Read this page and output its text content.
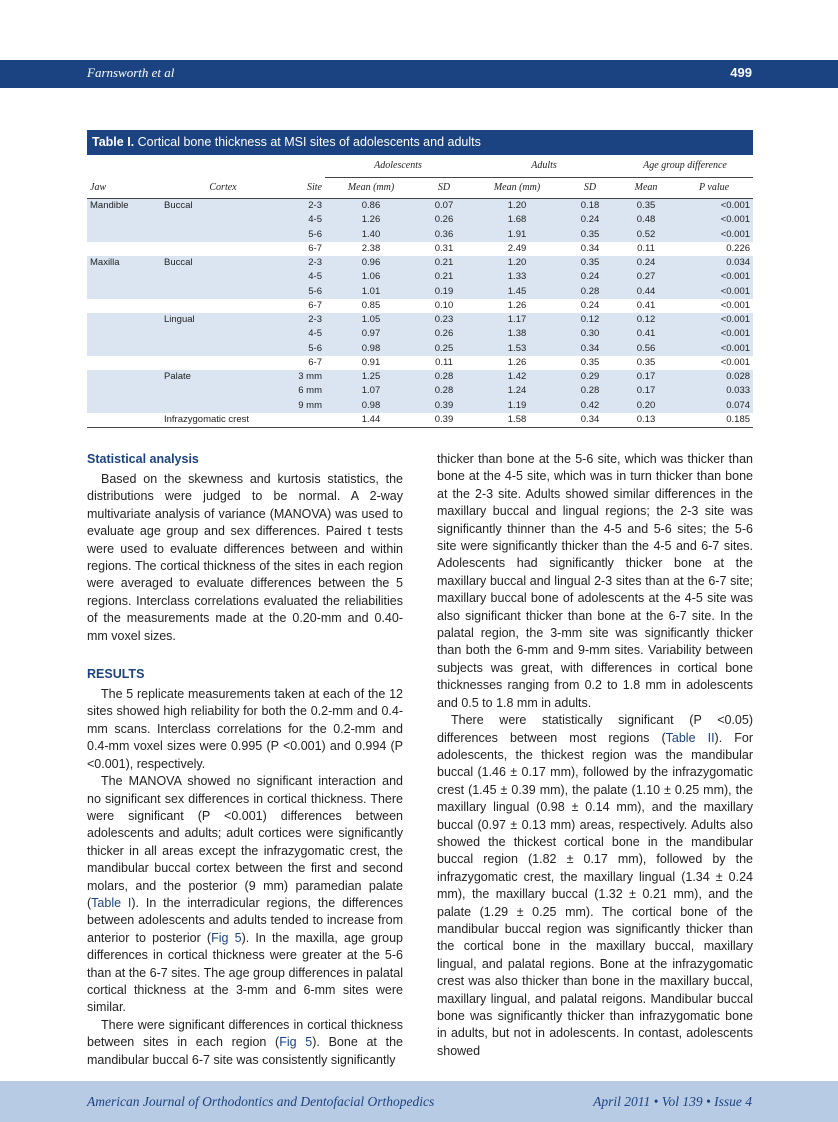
Farnsworth et al	499
Table I. Cortical bone thickness at MSI sites of adolescents and adults
			Adolescents		Adults		Age group difference	
Jaw	Cortex	Site	Mean (mm)	SD	Mean (mm)	SD	Mean	P value
Mandible	Buccal	2-3	0.86	0.07	1.20	0.18	0.35	<0.001
		4-5	1.26	0.26	1.68	0.24	0.48	<0.001
		5-6	1.40	0.36	1.91	0.35	0.52	<0.001
		6-7	2.38	0.31	2.49	0.34	0.11	0.226
Maxilla	Buccal	2-3	0.96	0.21	1.20	0.35	0.24	0.034
		4-5	1.06	0.21	1.33	0.24	0.27	<0.001
		5-6	1.01	0.19	1.45	0.28	0.44	<0.001
		6-7	0.85	0.10	1.26	0.24	0.41	<0.001
	Lingual	2-3	1.05	0.23	1.17	0.12	0.12	<0.001
		4-5	0.97	0.26	1.38	0.30	0.41	<0.001
		5-6	0.98	0.25	1.53	0.34	0.56	<0.001
		6-7	0.91	0.11	1.26	0.35	0.35	<0.001
	Palate	3 mm	1.25	0.28	1.42	0.29	0.17	0.028
		6 mm	1.07	0.28	1.24	0.28	0.17	0.033
		9 mm	0.98	0.39	1.19	0.42	0.20	0.074
	Infrazygomatic crest		1.44	0.39	1.58	0.34	0.13	0.185
Statistical analysis

Based on the skewness and kurtosis statistics, the distributions were judged to be normal. A 2-way multivariate analysis of variance (MANOVA) was used to evaluate age group and sex differences. Paired t tests were used to evaluate differences between and within regions. The cortical thickness of the sites in each region were averaged to evaluate differences between the 5 regions. Interclass correlations evaluated the reliabilities of the measurements made at the 0.20-mm and 0.40-mm voxel sizes.

RESULTS

The 5 replicate measurements taken at each of the 12 sites showed high reliability for both the 0.2-mm and 0.4-mm scans. Interclass correlations for the 0.2-mm and 0.4-mm voxel sizes were 0.995 (P <0.001) and 0.994 (P <0.001), respectively.

The MANOVA showed no significant interaction and no significant sex differences in cortical thickness. There were significant (P <0.001) differences between adolescents and adults; adult cortices were significantly thicker in all areas except the infrazygomatic crest, the mandibular buccal cortex between the first and second molars, and the posterior (9 mm) paramedian palate (Table I). In the interradicular regions, the differences between adolescents and adults tended to increase from anterior to posterior (Fig 5). In the maxilla, age group differences in cortical thickness were greater at the 5-6 than at the 6-7 sites. The age group differences in palatal cortical thickness at the 3-mm and 6-mm sites were similar.

There were significant differences in cortical thickness between sites in each region (Fig 5). Bone at the mandibular buccal 6-7 site was consistently significantly

thicker than bone at the 5-6 site, which was thicker than bone at the 4-5 site, which was in turn thicker than bone at the 2-3 site. Adults showed similar differences in the maxillary buccal and lingual regions; the 2-3 site was significantly thinner than the 4-5 and 5-6 sites; the 5-6 site were significantly thicker than the 4-5 and 6-7 sites. Adolescents had significantly thicker bone at the maxillary buccal and lingual 2-3 sites than at the 6-7 site; maxillary buccal bone of adolescents at the 4-5 site was also significant thicker than bone at the 6-7 site. In the palatal region, the 3-mm site was significantly thicker than both the 6-mm and 9-mm sites. Variability between subjects was great, with differences in cortical bone thicknesses ranging from 0.2 to 1.8 mm in adolescents and 0.5 to 1.8 mm in adults.

There were statistically significant (P <0.05) differences between most regions (Table II). For adolescents, the thickest region was the mandibular buccal (1.46 ± 0.17 mm), followed by the infrazygomatic crest (1.45 ± 0.39 mm), the palate (1.10 ± 0.25 mm), the maxillary lingual (0.98 ± 0.14 mm), and the maxillary buccal (0.97 ± 0.13 mm) areas, respectively. Adults also showed the thickest cortical bone in the mandibular buccal region (1.82 ± 0.17 mm), followed by the infrazygomatic crest, the maxillary lingual (1.34 ± 0.24 mm), the maxillary buccal (1.32 ± 0.21 mm), and the palate (1.29 ± 0.25 mm). The cortical bone of the mandibular buccal region was significantly thicker than the cortical bone in the maxillary buccal, maxillary lingual, and palatal regions. Bone at the infrazygomatic crest was also thicker than bone in the maxillary buccal, maxillary lingual, and palatal reigons. Mandibular buccal bone was significantly thicker than infrazygomatic bone in adults, but not in adolescents. In contast, adolescents showed

American Journal of Orthodontics and Dentofacial Orthopedics	April 2011 • Vol 139 • Issue 4
